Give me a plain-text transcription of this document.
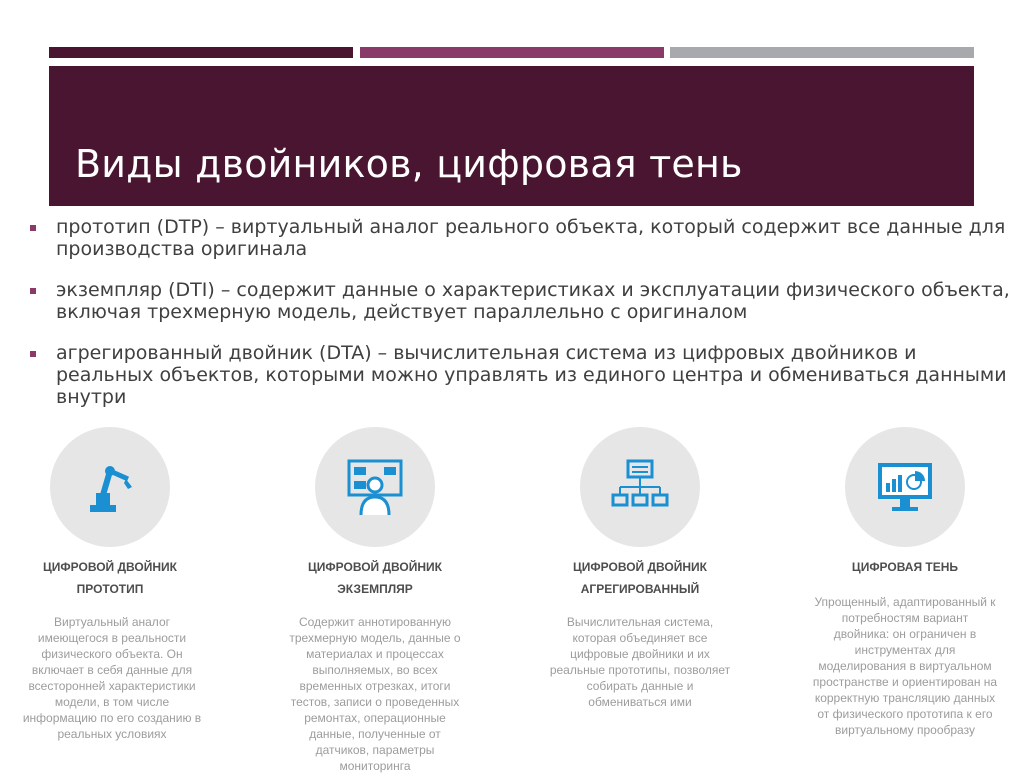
Виды двойников, цифровая тень
прототип (DTP) – виртуальный аналог реального объекта, который содержит все данные для производства оригинала
экземпляр (DTI) – содержит данные о характеристиках и эксплуатации физического объекта, включая трехмерную модель, действует параллельно с оригиналом
агрегированный двойник (DTA) – вычислительная система из цифровых двойников и реальных объектов, которыми можно управлять из единого центра и обмениваться данными внутри
ЦИФРОВОЙ ДВОЙНИК
ПРОТОТИП
Виртуальный аналог
имеющегося в реальности
физического объекта. Он
включает в себя данные для
всесторонней характеристики
модели, в том числе
информацию по его созданию в
реальных условиях
ЦИФРОВОЙ ДВОЙНИК
ЭКЗЕМПЛЯР
Содержит аннотированную
трехмерную модель, данные о
материалах и процессах
выполняемых, во всех
временных отрезках, итоги
тестов, записи о проведенных
ремонтах, операционные
данные, полученные от
датчиков, параметры
мониторинга
ЦИФРОВОЙ ДВОЙНИК
АГРЕГИРОВАННЫЙ
Вычислительная система,
которая объединяет все
цифровые двойники и их
реальные прототипы, позволяет
собирать данные и
обмениваться ими
ЦИФРОВАЯ ТЕНЬ
Упрощенный, адаптированный к
потребностям вариант
двойника: он ограничен в
инструментах для
моделирования в виртуальном
пространстве и ориентирован на
корректную трансляцию данных
от физического прототипа к его
виртуальному прообразу
